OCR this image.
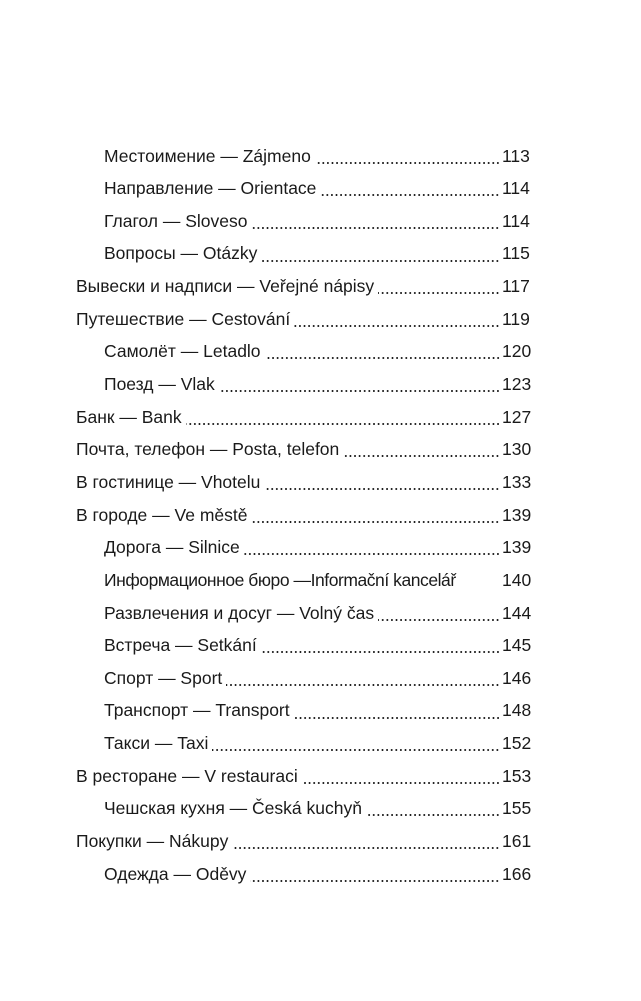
Местоимение — Zájmeno	113
Направление — Orientace	114
Глагол — Sloveso	114
Вопросы — Otázky	115
Вывески и надписи — Veřejné nápisy	117
Путешествие — Cestování	119
Самолёт — Letadlo	120
Поезд — Vlak	123
Банк — Bank	127
Почта, телефон — Posta, telefon	130
В гостинице — Vhotelu	133
В городе — Ve městě	139
Дорога — Silnice	139
Информационное бюро —Informační kancelář	140
Развлечения и досуг — Volný čas	144
Встреча — Setkání	145
Спорт — Sport	146
Транспорт — Transport	148
Такси — Taxi	152
В ресторане — V restauraci	153
Чешская кухня — Česká kuchyň	155
Покупки — Nákupy	161
Одежда — Oděvy	166
